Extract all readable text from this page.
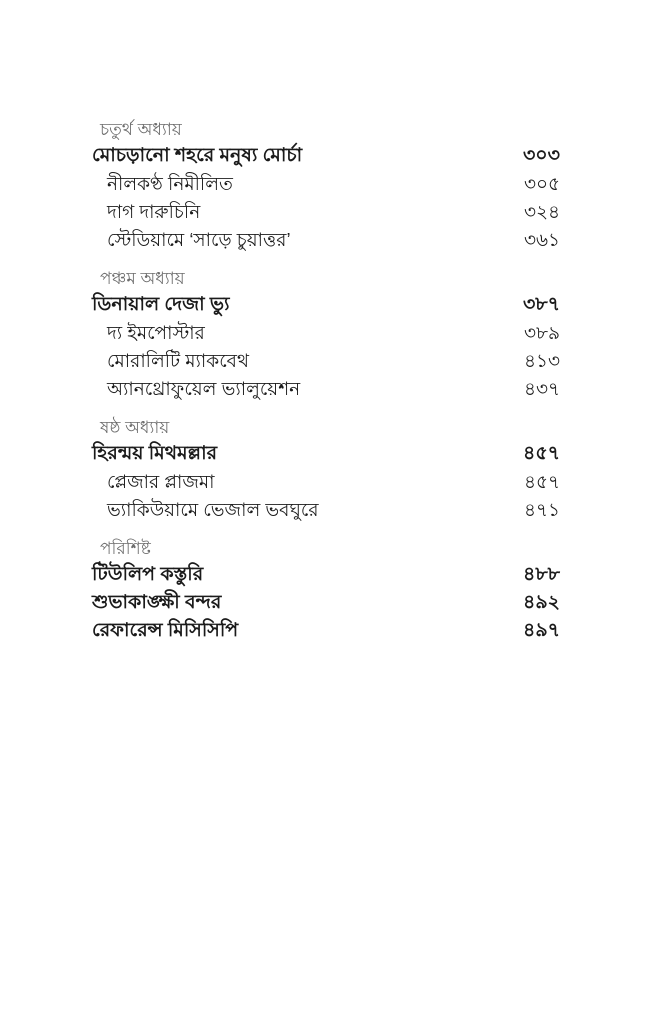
চতুর্থ অধ্যায়
মোচড়ানো শহরে মনুষ্য মোর্চা	৩০৩
নীলকণ্ঠ নিমীলিত	৩০৫
দাগ দারুচিনি	৩২৪
স্টেডিয়ামে ‘সাড়ে চুয়াত্তর’	৩৬১
পঞ্চম অধ্যায়
ডিনায়াল দেজা ভ্যু	৩৮৭
দ্য ইমপোস্টার	৩৮৯
মোরালিটি ম্যাকবেথ	৪১৩
অ্যানথ্রোফুয়েল ভ্যালুয়েশন	৪৩৭
ষষ্ঠ অধ্যায়
হিরন্ময় মিথমল্লার	৪৫৭
প্লেজার প্লাজমা	৪৫৭
ভ্যাকিউয়ামে ভেজাল ভবঘুরে	৪৭১
পরিশিষ্ট
টিউলিপ কস্তুরি	৪৮৮
শুভাকাঙ্ক্ষী বন্দর	৪৯২
রেফারেন্স মিসিসিপি	৪৯৭
